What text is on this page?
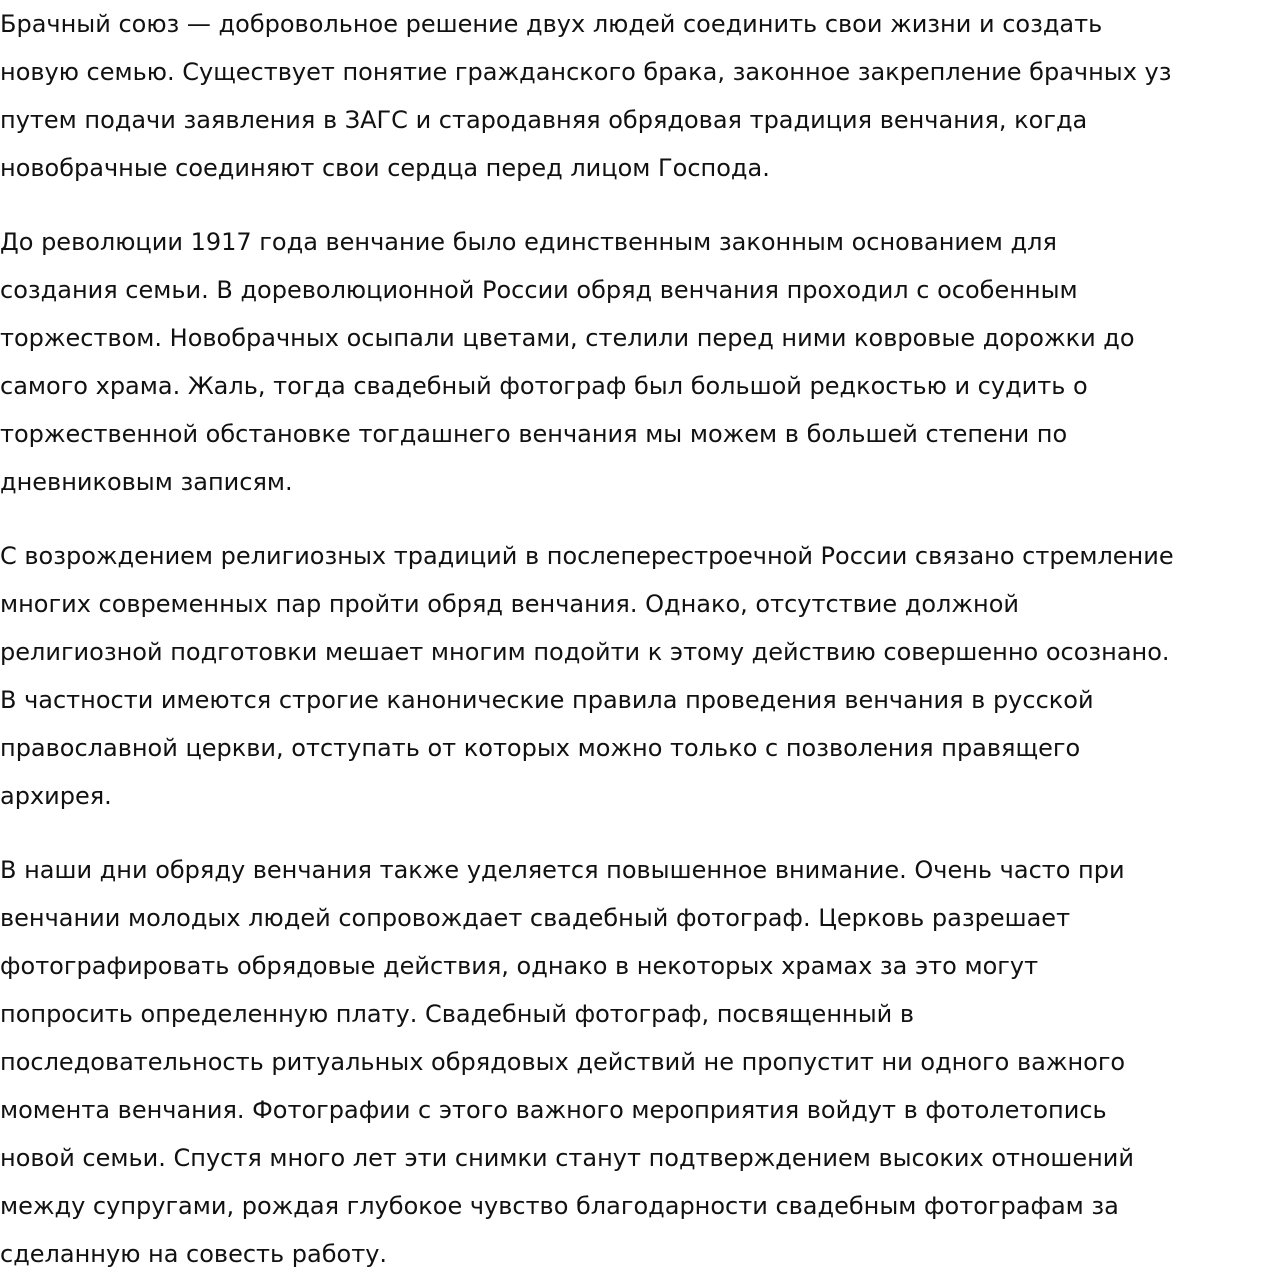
Брачный союз — добровольное решение двух людей соединить свои жизни и создать
новую семью. Существует понятие гражданского брака, законное закрепление брачных уз
путем подачи заявления в ЗАГС и стародавняя обрядовая традиция венчания, когда
новобрачные соединяют свои сердца перед лицом Господа.

До революции 1917 года венчание было единственным законным основанием для
создания семьи. В дореволюционной России обряд венчания проходил с особенным
торжеством. Новобрачных осыпали цветами, стелили перед ними ковровые дорожки до
самого храма. Жаль, тогда свадебный фотограф был большой редкостью и судить о
торжественной обстановке тогдашнего венчания мы можем в большей степени по
дневниковым записям.

С возрождением религиозных традиций в послеперестроечной России связано стремление
многих современных пар пройти обряд венчания. Однако, отсутствие должной
религиозной подготовки мешает многим подойти к этому действию совершенно осознано.
В частности имеются строгие канонические правила проведения венчания в русской
православной церкви, отступать от которых можно только с позволения правящего
архирея.

В наши дни обряду венчания также уделяется повышенное внимание. Очень часто при
венчании молодых людей сопровождает свадебный фотограф. Церковь разрешает
фотографировать обрядовые действия, однако в некоторых храмах за это могут
попросить определенную плату. Свадебный фотограф, посвященный в
последовательность ритуальных обрядовых действий не пропустит ни одного важного
момента венчания. Фотографии с этого важного мероприятия войдут в фотолетопись
новой семьи. Спустя много лет эти снимки станут подтверждением высоких отношений
между супругами, рождая глубокое чувство благодарности свадебным фотографам за
сделанную на совесть работу.
